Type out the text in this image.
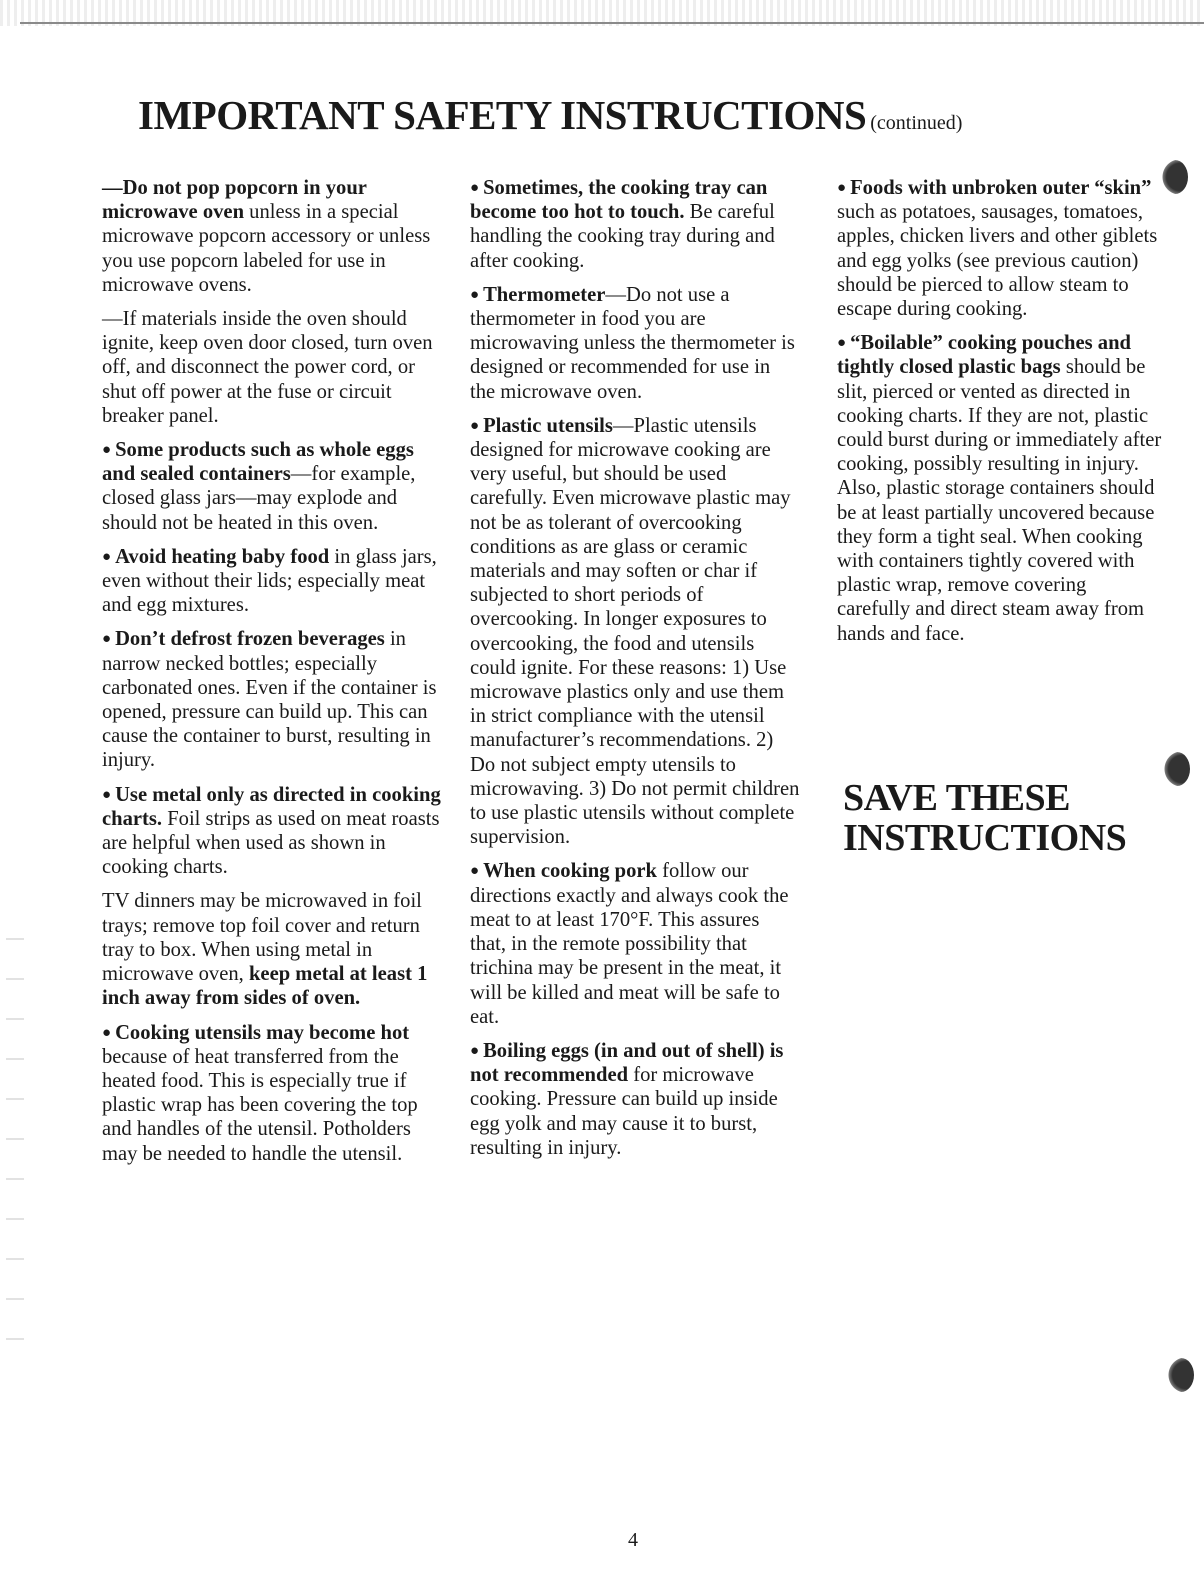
IMPORTANT SAFETY INSTRUCTIONS (continued)

—Do not pop popcorn in your microwave oven unless in a special microwave popcorn accessory or unless you use popcorn labeled for use in microwave ovens.

—If materials inside the oven should ignite, keep oven door closed, turn oven off, and disconnect the power cord, or shut off power at the fuse or circuit breaker panel.

● Some products such as whole eggs and sealed containers—for example, closed glass jars—may explode and should not be heated in this oven.

● Avoid heating baby food in glass jars, even without their lids; especially meat and egg mixtures.

● Don’t defrost frozen beverages in narrow necked bottles; especially carbonated ones. Even if the container is opened, pressure can build up. This can cause the container to burst, resulting in injury.

● Use metal only as directed in cooking charts. Foil strips as used on meat roasts are helpful when used as shown in cooking charts.

TV dinners may be microwaved in foil trays; remove top foil cover and return tray to box. When using metal in microwave oven, keep metal at least 1 inch away from sides of oven.

● Cooking utensils may become hot because of heat transferred from the heated food. This is especially true if plastic wrap has been covering the top and handles of the utensil. Potholders may be needed to handle the utensil.

● Sometimes, the cooking tray can become too hot to touch. Be careful handling the cooking tray during and after cooking.

● Thermometer—Do not use a thermometer in food you are microwaving unless the thermometer is designed or recommended for use in the microwave oven.

● Plastic utensils—Plastic utensils designed for microwave cooking are very useful, but should be used carefully. Even microwave plastic may not be as tolerant of overcooking conditions as are glass or ceramic materials and may soften or char if subjected to short periods of overcooking. In longer exposures to overcooking, the food and utensils could ignite. For these reasons: 1) Use microwave plastics only and use them in strict compliance with the utensil manufacturer’s recommendations. 2) Do not subject empty utensils to microwaving. 3) Do not permit children to use plastic utensils without complete supervision.

● When cooking pork follow our directions exactly and always cook the meat to at least 170°F. This assures that, in the remote possibility that trichina may be present in the meat, it will be killed and meat will be safe to eat.

● Boiling eggs (in and out of shell) is not recommended for microwave cooking. Pressure can build up inside egg yolk and may cause it to burst, resulting in injury.

● Foods with unbroken outer “skin” such as potatoes, sausages, tomatoes, apples, chicken livers and other giblets and egg yolks (see previous caution) should be pierced to allow steam to escape during cooking.

● “Boilable” cooking pouches and tightly closed plastic bags should be slit, pierced or vented as directed in cooking charts. If they are not, plastic could burst during or immediately after cooking, possibly resulting in injury. Also, plastic storage containers should be at least partially uncovered because they form a tight seal. When cooking with containers tightly covered with plastic wrap, remove covering carefully and direct steam away from hands and face.

SAVE THESE
INSTRUCTIONS
4
